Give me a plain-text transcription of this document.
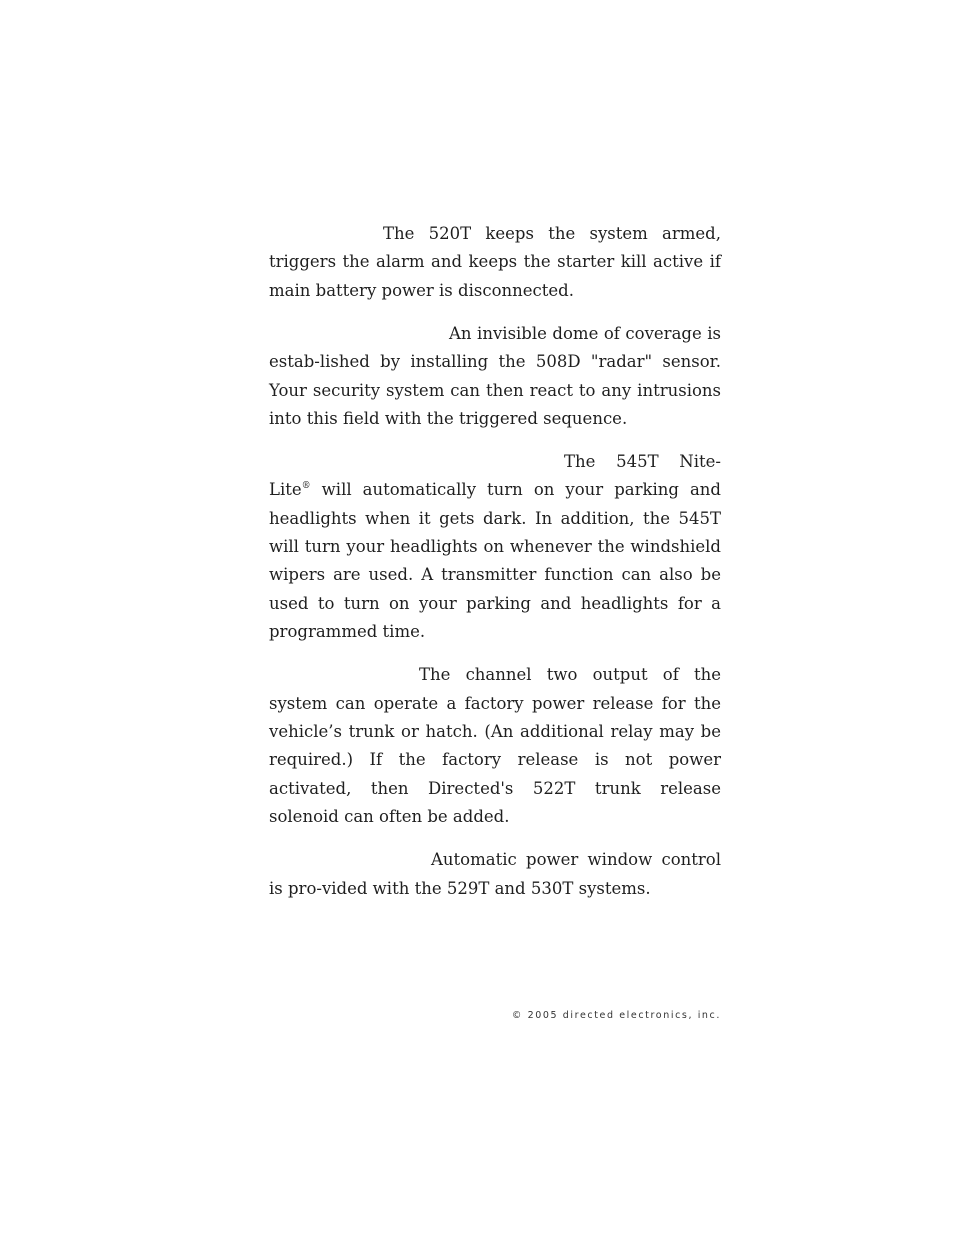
The 520T keeps the system armed, triggers the alarm and keeps the starter kill active if main battery power is disconnected.

An invisible dome of coverage is estab-lished by installing the 508D "radar" sensor. Your security system can then react to any intrusions into this field with the triggered sequence.

The 545T Nite-Lite® will automatically turn on your parking and headlights when it gets dark. In addition, the 545T will turn your headlights on whenever the windshield wipers are used. A transmitter function can also be used to turn on your parking and headlights for a programmed time.

The channel two output of the system can operate a factory power release for the vehicle’s trunk or hatch. (An additional relay may be required.) If the factory release is not power activated, then Directed's 522T trunk release solenoid can often be added.

Automatic power window control is pro-vided with the 529T and 530T systems.

© 2005 directed electronics, inc.
